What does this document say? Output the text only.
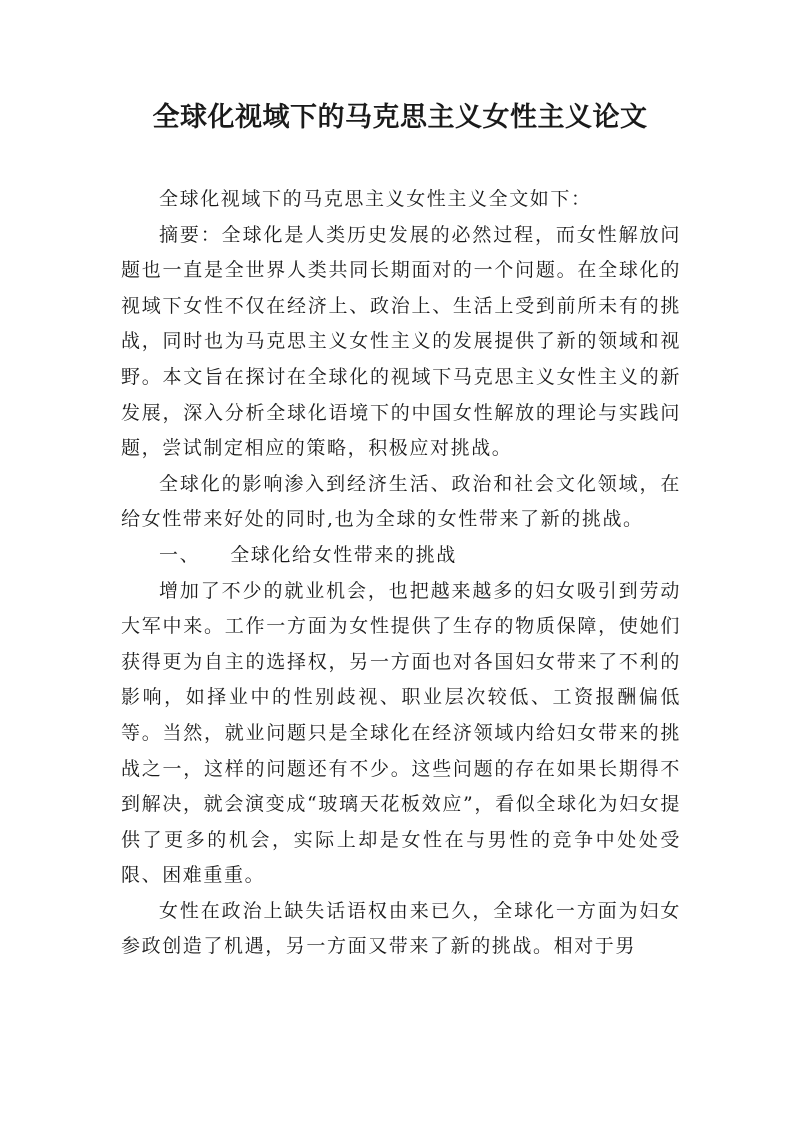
全球化视域下的马克思主义女性主义论文

全球化视域下的马克思主义女性主义全文如下：

摘要：全球化是人类历史发展的必然过程，而女性解放问题也一直是全世界人类共同长期面对的一个问题。在全球化的视域下女性不仅在经济上、政治上、生活上受到前所未有的挑战，同时也为马克思主义女性主义的发展提供了新的领域和视野。本文旨在探讨在全球化的视域下马克思主义女性主义的新发展，深入分析全球化语境下的中国女性解放的理论与实践问题，尝试制定相应的策略，积极应对挑战。

全球化的影响渗入到经济生活、政治和社会文化领域，在给女性带来好处的同时,也为全球的女性带来了新的挑战。

一、 全球化给女性带来的挑战

增加了不少的就业机会，也把越来越多的妇女吸引到劳动大军中来。工作一方面为女性提供了生存的物质保障，使她们获得更为自主的选择权，另一方面也对各国妇女带来了不利的影响，如择业中的性别歧视、职业层次较低、工资报酬偏低等。当然，就业问题只是全球化在经济领域内给妇女带来的挑战之一，这样的问题还有不少。这些问题的存在如果长期得不到解决，就会演变成“玻璃天花板效应”，看似全球化为妇女提供了更多的机会，实际上却是女性在与男性的竞争中处处受限、困难重重。

女性在政治上缺失话语权由来已久，全球化一方面为妇女参政创造了机遇，另一方面又带来了新的挑战。相对于男
